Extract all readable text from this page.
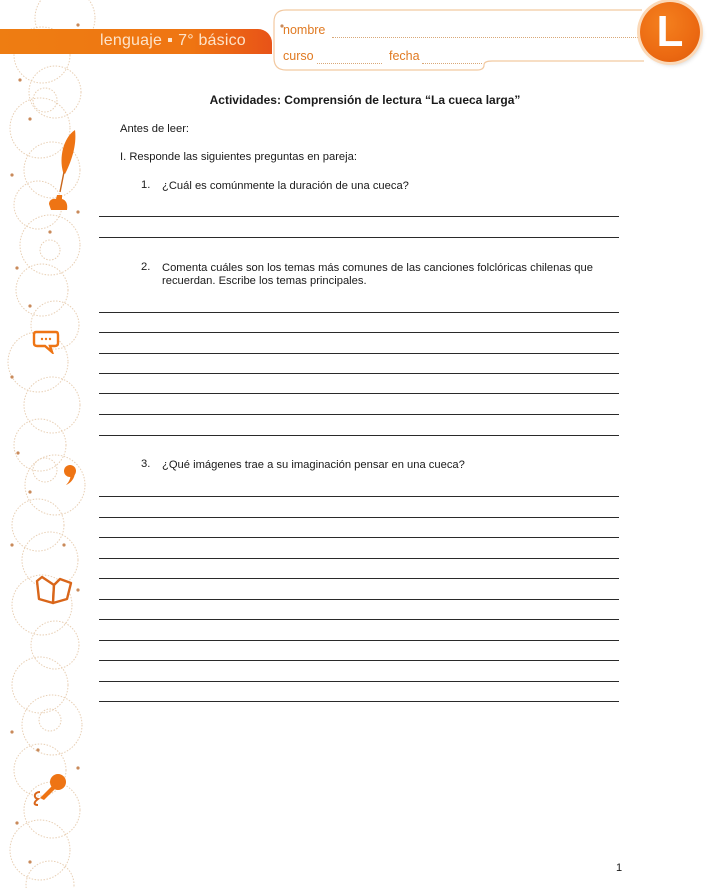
lenguaje 7° básico
nombre
curso	fecha	L
Actividades: Comprensión de lectura “La cueca larga”
Antes de leer:
I. Responde las siguientes preguntas en pareja:
1. ¿Cuál es comúnmente la duración de una cueca?
2. Comenta cuáles son los temas más comunes de las canciones folclóricas chilenas que
recuerdan. Escribe los temas principales.
3. ¿Qué imágenes trae a su imaginación pensar en una cueca?
1
